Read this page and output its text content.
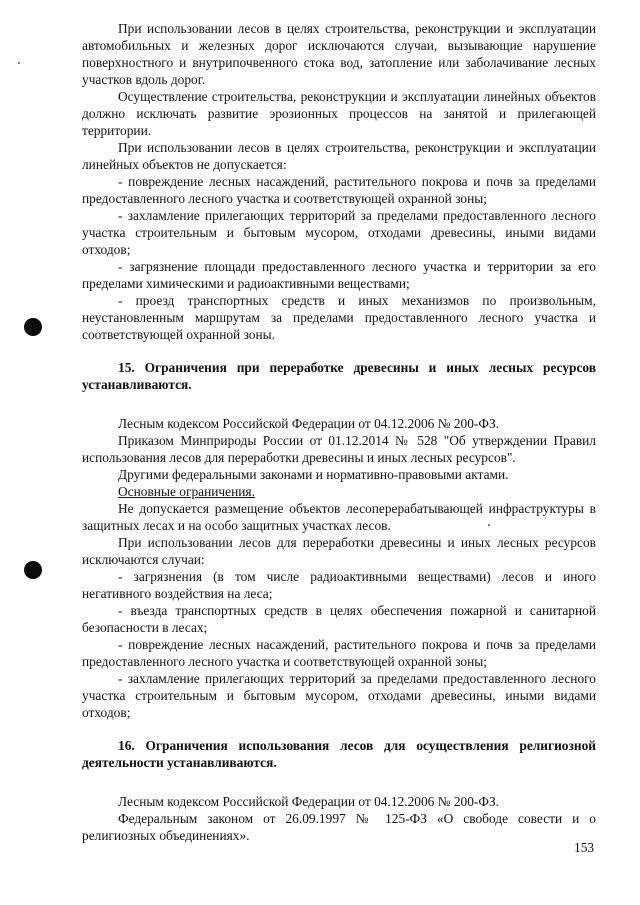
При использовании лесов в целях строительства, реконструкции и эксплуатации автомобильных и железных дорог исключаются случаи, вызывающие нарушение поверхностного и внутрипочвенного стока вод, затопление или заболачивание лесных участков вдоль дорог.

Осуществление строительства, реконструкции и эксплуатации линейных объектов должно исключать развитие эрозионных процессов на занятой и прилегающей территории.

При использовании лесов в целях строительства, реконструкции и эксплуатации линейных объектов не допускается:

- повреждение лесных насаждений, растительного покрова и почв за пределами предоставленного лесного участка и соответствующей охранной зоны;

- захламление прилегающих территорий за пределами предоставленного лесного участка строительным и бытовым мусором, отходами древесины, иными видами отходов;

- загрязнение площади предоставленного лесного участка и территории за его пределами химическими и радиоактивными веществами;

- проезд транспортных средств и иных механизмов по произвольным, неустановленным маршрутам за пределами предоставленного лесного участка и соответствующей охранной зоны.

15. Ограничения при переработке древесины и иных лесных ресурсов устанавливаются.

Лесным кодексом Российской Федерации от 04.12.2006 № 200-ФЗ.

Приказом Минприроды России от 01.12.2014 № 528 "Об утверждении Правил использования лесов для переработки древесины и иных лесных ресурсов".

Другими федеральными законами и нормативно-правовыми актами.

Основные ограничения.

Не допускается размещение объектов лесоперерабатывающей инфраструктуры в защитных лесах и на особо защитных участках лесов.

При использовании лесов для переработки древесины и иных лесных ресурсов исключаются случаи:

- загрязнения (в том числе радиоактивными веществами) лесов и иного негативного воздействия на леса;

- въезда транспортных средств в целях обеспечения пожарной и санитарной безопасности в лесах;

- повреждение лесных насаждений, растительного покрова и почв за пределами предоставленного лесного участка и соответствующей охранной зоны;

- захламление прилегающих территорий за пределами предоставленного лесного участка строительным и бытовым мусором, отходами древесины, иными видами отходов;

16. Ограничения использования лесов для осуществления религиозной деятельности устанавливаются.

Лесным кодексом Российской Федерации от 04.12.2006 № 200-ФЗ.

Федеральным законом от 26.09.1997 № 125-ФЗ «О свободе совести и о религиозных объединениях».

153
